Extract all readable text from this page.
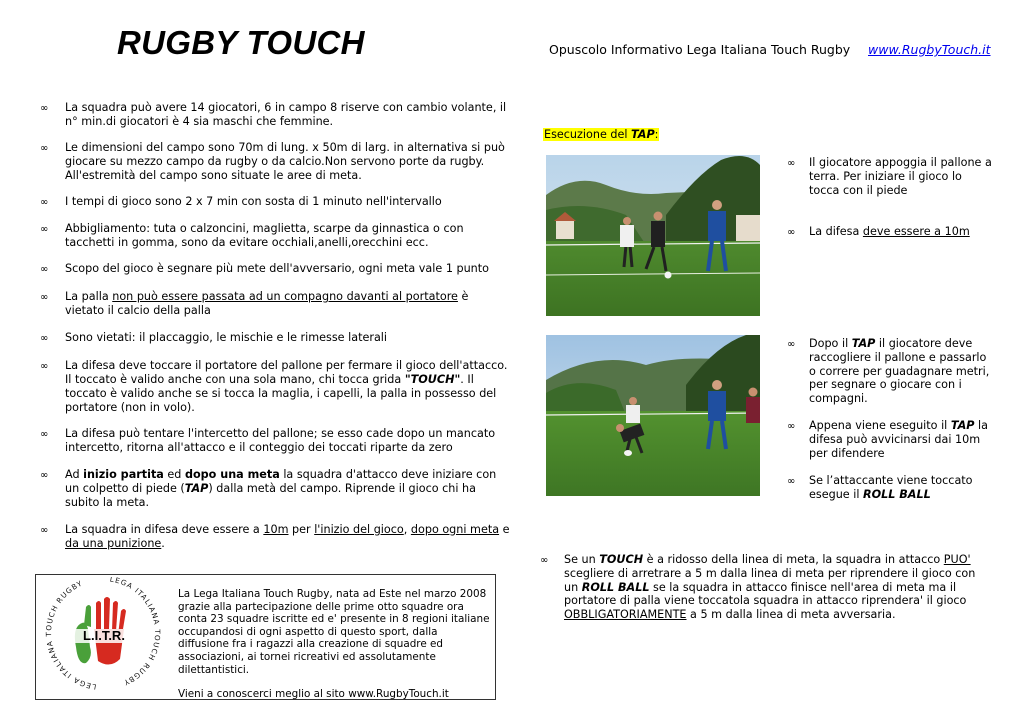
RUGBY TOUCH	Opuscolo Informativo Lega Italiana Touch Rugby www.RugbyTouch.it
∞ La squadra può avere 14 giocatori, 6 in campo 8 riserve con cambio volante, il n° min.di giocatori è 4 sia maschi che femmine.
∞ Le dimensioni del campo sono 70m di lung. x 50m di larg. in alternativa si può giocare su mezzo campo da rugby o da calcio.Non servono porte da rugby. All'estremità del campo sono situate le aree di meta.
∞ I tempi di gioco sono 2 x 7 min con sosta di 1 minuto nell'intervallo
∞ Abbigliamento: tuta o calzoncini, maglietta, scarpe da ginnastica o con tacchetti in gomma, sono da evitare occhiali,anelli,orecchini ecc.
∞ Scopo del gioco è segnare più mete dell'avversario, ogni meta vale 1 punto
∞ La palla non può essere passata ad un compagno davanti al portatore è vietato il calcio della palla
∞ Sono vietati: il placcaggio, le mischie e le rimesse laterali
∞ La difesa deve toccare il portatore del pallone per fermare il gioco dell'attacco. Il toccato è valido anche con una sola mano, chi tocca grida "TOUCH". Il toccato è valido anche se si tocca la maglia, i capelli, la palla in possesso del portatore (non in volo).
∞ La difesa può tentare l'intercetto del pallone; se esso cade dopo un mancato intercetto, ritorna all'attacco e il conteggio dei toccati riparte da zero
∞ Ad inizio partita ed dopo una meta la squadra d'attacco deve iniziare con un colpetto di piede (TAP) dalla metà del campo. Riprende il gioco chi ha subito la meta.
∞ La squadra in difesa deve essere a 10m per l'inizio del gioco, dopo ogni meta e da una punizione.
Esecuzione del TAP:
∞ Il giocatore appoggia il pallone a terra. Per iniziare il gioco lo tocca con il piede
∞ La difesa deve essere a 10m
∞ Dopo il TAP il giocatore deve raccogliere il pallone e passarlo o correre per guadagnare metri, per segnare o giocare con i compagni.
∞ Appena viene eseguito il TAP la difesa può avvicinarsi dai 10m per difendere
∞ Se l’attaccante viene toccato esegue il ROLL BALL
∞ Se un TOUCH è a ridosso della linea di meta, la squadra in attacco PUO' scegliere di arretrare a 5 m dalla linea di meta per riprendere il gioco con un ROLL BALL se la squadra in attacco finisce nell'area di meta ma il portatore di palla viene toccatola squadra in attacco riprendera' il gioco OBBLIGATORIAMENTE a 5 m dalla linea di meta avversaria.
L.I.T.R.
LEGA ITALIANA TOUCH RUGBY	LEGA ITALIANA TOUCH RUGBY
La Lega Italiana Touch Rugby, nata ad Este nel marzo 2008 grazie alla partecipazione delle prime otto squadre ora conta 23 squadre iscritte ed e' presente in 8 regioni italiane occupandosi di ogni aspetto di questo sport, dalla diffusione fra i ragazzi alla creazione di squadre ed associazioni, ai tornei ricreativi ed assolutamente dilettantistici.
Vieni a conoscerci meglio al sito www.RugbyTouch.it
